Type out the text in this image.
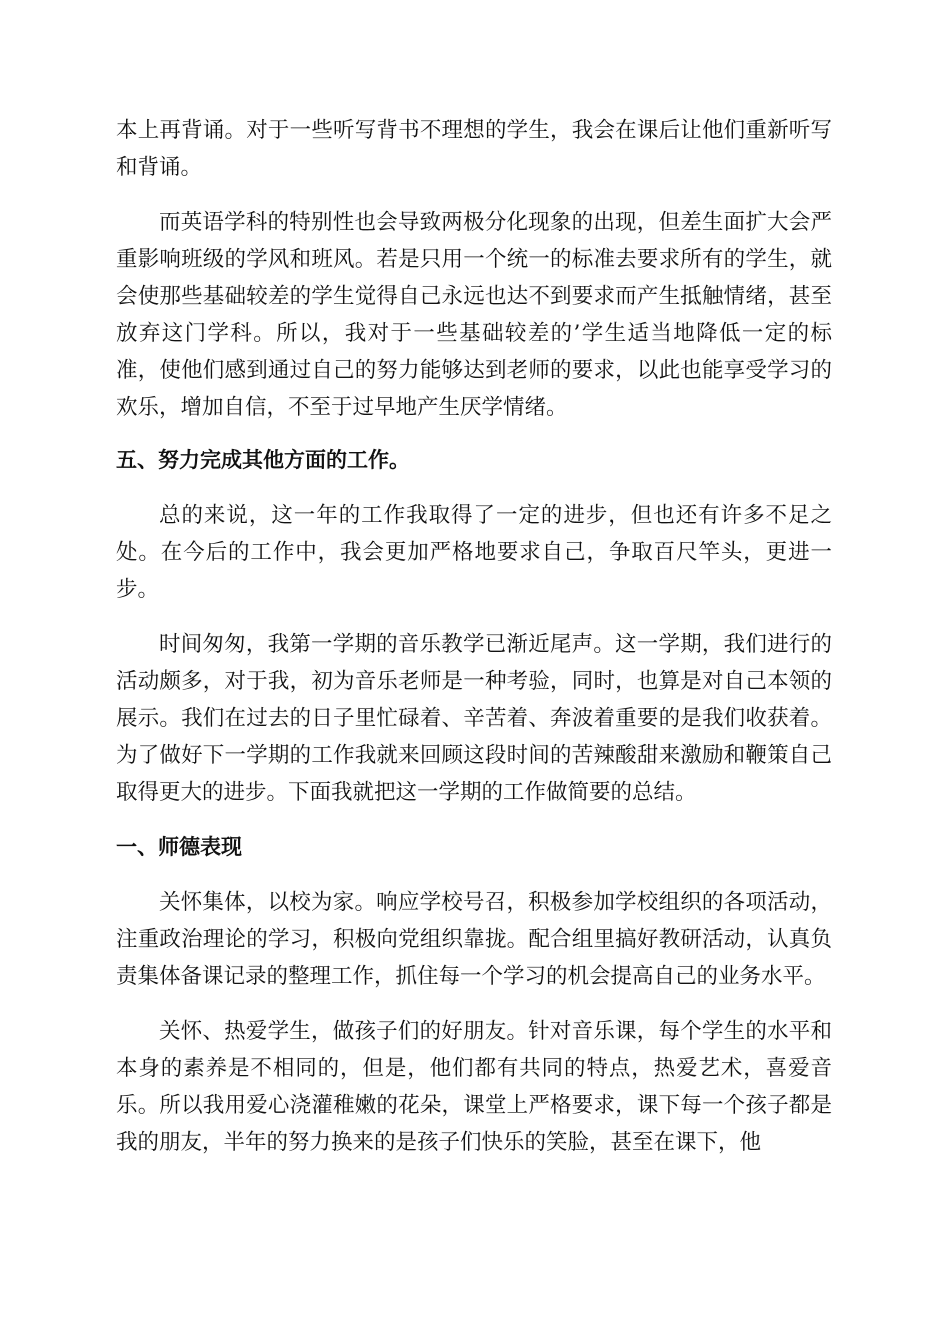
本上再背诵。对于一些听写背书不理想的学生，我会在课后让他们重新听写和背诵。

而英语学科的特别性也会导致两极分化现象的出现，但差生面扩大会严重影响班级的学风和班风。若是只用一个统一的标准去要求所有的学生，就会使那些基础较差的学生觉得自己永远也达不到要求而产生抵触情绪，甚至放弃这门学科。所以，我对于一些基础较差的’学生适当地降低一定的标准，使他们感到通过自己的努力能够达到老师的要求，以此也能享受学习的欢乐，增加自信，不至于过早地产生厌学情绪。

五、努力完成其他方面的工作。

总的来说，这一年的工作我取得了一定的进步，但也还有许多不足之处。在今后的工作中，我会更加严格地要求自己，争取百尺竿头，更进一步。

时间匆匆，我第一学期的音乐教学已渐近尾声。这一学期，我们进行的活动颇多，对于我，初为音乐老师是一种考验，同时，也算是对自己本领的展示。我们在过去的日子里忙碌着、辛苦着、奔波着重要的是我们收获着。为了做好下一学期的工作我就来回顾这段时间的苦辣酸甜来激励和鞭策自己取得更大的进步。下面我就把这一学期的工作做简要的总结。

一、师德表现

关怀集体，以校为家。响应学校号召，积极参加学校组织的各项活动，注重政治理论的学习，积极向党组织靠拢。配合组里搞好教研活动，认真负责集体备课记录的整理工作，抓住每一个学习的机会提高自己的业务水平。

关怀、热爱学生，做孩子们的好朋友。针对音乐课，每个学生的水平和本身的素养是不相同的，但是，他们都有共同的特点，热爱艺术，喜爱音乐。所以我用爱心浇灌稚嫩的花朵，课堂上严格要求，课下每一个孩子都是我的朋友，半年的努力换来的是孩子们快乐的笑脸，甚至在课下，他
